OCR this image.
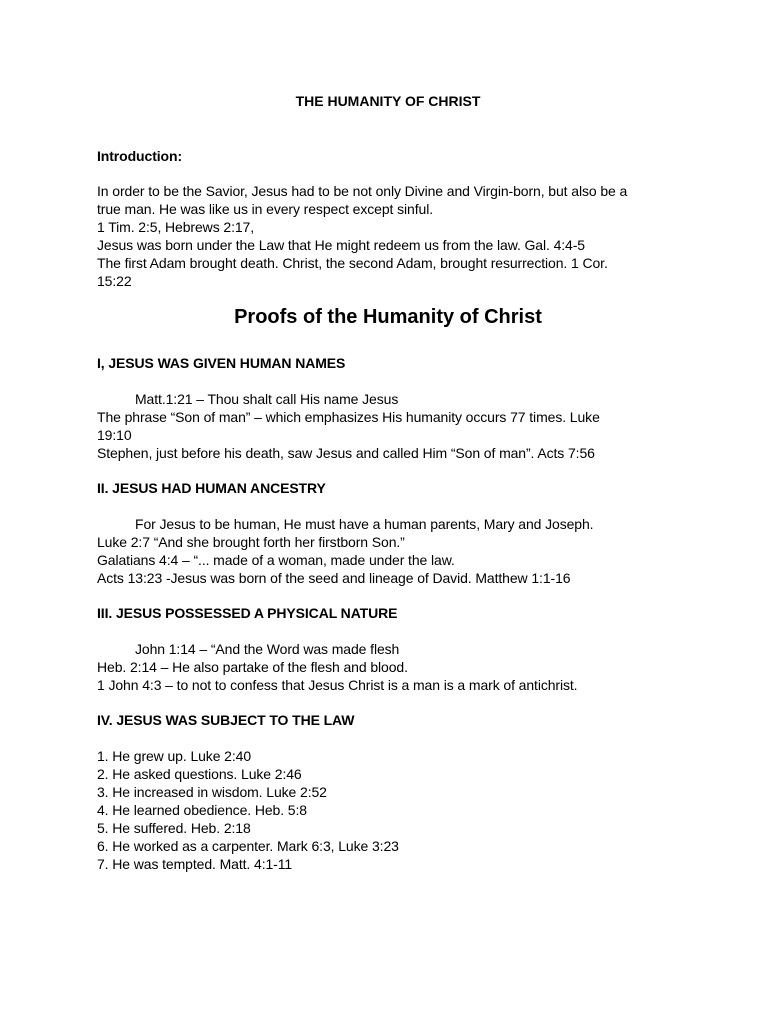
THE HUMANITY OF CHRIST
Introduction:
In order to be the Savior, Jesus had to be not only Divine and Virgin-born, but also be a
true man. He was like us in every respect except sinful.
1 Tim. 2:5, Hebrews 2:17,
Jesus was born under the Law that He might redeem us from the law. Gal. 4:4-5
The first Adam brought death. Christ, the second Adam, brought resurrection. 1 Cor.
15:22
Proofs of the Humanity of Christ
I, JESUS WAS GIVEN HUMAN NAMES
Matt.1:21 – Thou shalt call His name Jesus
The phrase “Son of man” – which emphasizes His humanity occurs 77 times. Luke
19:10
Stephen, just before his death, saw Jesus and called Him “Son of man”. Acts 7:56
II. JESUS HAD HUMAN ANCESTRY
For Jesus to be human, He must have a human parents, Mary and Joseph.
Luke 2:7 “And she brought forth her firstborn Son.”
Galatians 4:4 – “... made of a woman, made under the law.
Acts 13:23 -Jesus was born of the seed and lineage of David. Matthew 1:1-16
III. JESUS POSSESSED A PHYSICAL NATURE
John 1:14 – “And the Word was made flesh
Heb. 2:14 – He also partake of the flesh and blood.
1 John 4:3 – to not to confess that Jesus Christ is a man is a mark of antichrist.
IV. JESUS WAS SUBJECT TO THE LAW
1. He grew up. Luke 2:40
2. He asked questions. Luke 2:46
3. He increased in wisdom. Luke 2:52
4. He learned obedience. Heb. 5:8
5. He suffered. Heb. 2:18
6. He worked as a carpenter. Mark 6:3, Luke 3:23
7. He was tempted. Matt. 4:1-11
